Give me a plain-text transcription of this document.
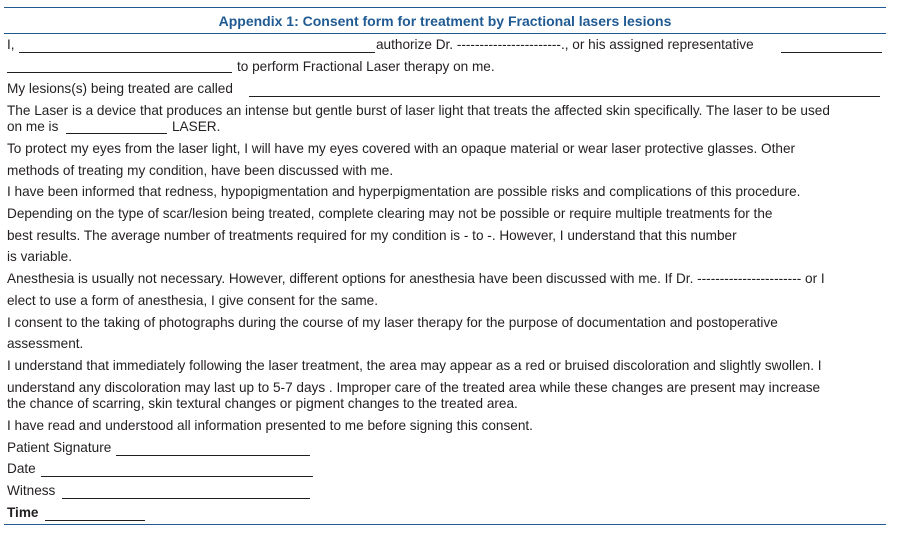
Appendix 1: Consent form for treatment by Fractional lasers lesions
I,	authorize Dr. -----------------------., or his assigned representative
to perform Fractional Laser therapy on me.
My lesions(s) being treated are called
The Laser is a device that produces an intense but gentle burst of laser light that treats the affected skin specifically. The laser to be used
on me is	LASER.
To protect my eyes from the laser light, I will have my eyes covered with an opaque material or wear laser protective glasses. Other
methods of treating my condition, have been discussed with me.
I have been informed that redness, hypopigmentation and hyperpigmentation are possible risks and complications of this procedure.
Depending on the type of scar/lesion being treated, complete clearing may not be possible or require multiple treatments for the
best results. The average number of treatments required for my condition is - to -. However, I understand that this number
is variable.
Anesthesia is usually not necessary. However, different options for anesthesia have been discussed with me. If Dr. ----------------------- or I
elect to use a form of anesthesia, I give consent for the same.
I consent to the taking of photographs during the course of my laser therapy for the purpose of documentation and postoperative
assessment.
I understand that immediately following the laser treatment, the area may appear as a red or bruised discoloration and slightly swollen. I
understand any discoloration may last up to 5-7 days . Improper care of the treated area while these changes are present may increase
the chance of scarring, skin textural changes or pigment changes to the treated area.
I have read and understood all information presented to me before signing this consent.
Patient Signature
Date
Witness
Time
